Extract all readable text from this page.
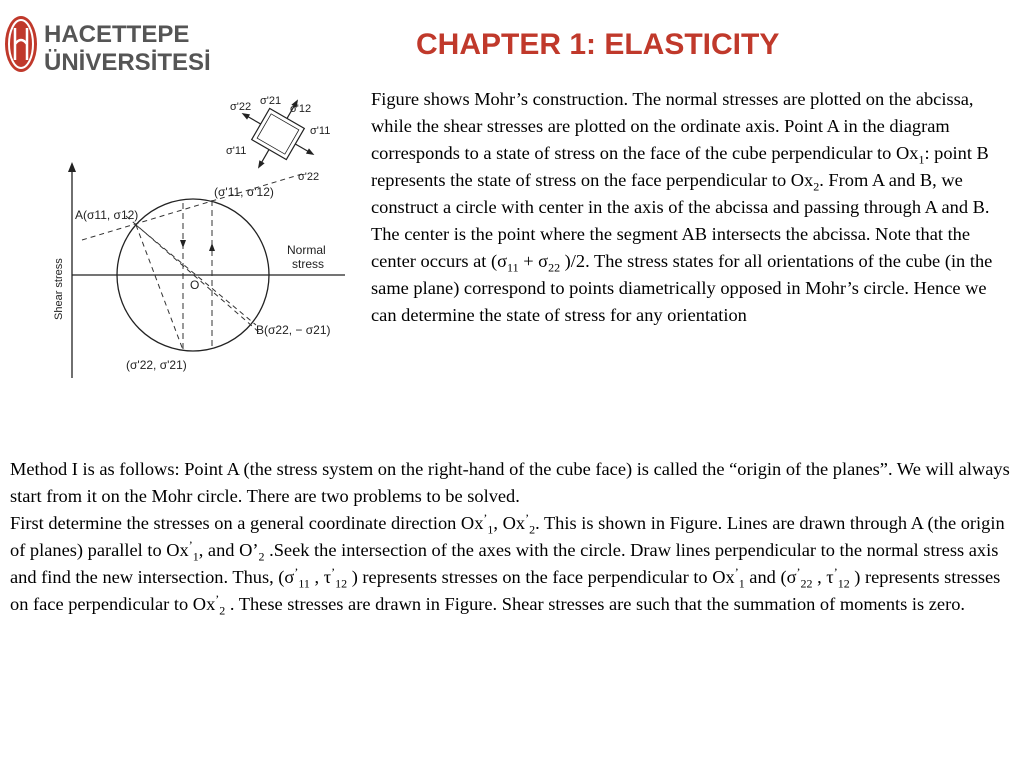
HACETTEPE
ÜNİVERSİTESİ
CHAPTER 1: ELASTICITY
Shear stress
Normal
stress
O
A(σ11, σ12)
B(σ22, − σ21)
(σ'11, σ'12)
(σ'22, σ'21)
σ'22 σ'21
σ'12
σ'11
σ'11
σ'22

Figure shows Mohr’s construction. The normal stresses are plotted on the abcissa, while the shear stresses are plotted on the ordinate axis. Point A in the diagram corresponds to a state of stress on the face of the cube perpendicular to $Ox_1$: point B represents the state of stress on the face perpendicular to $Ox_2$. From A and B, we construct a circle with center in the axis of the abcissa and passing through A and B. The center is the point where the segment AB intersects the abcissa. Note that the center occurs at ($\sigma_{11} + \sigma_{22}$ )/2. The stress states for all orientations of the cube (in the same plane) correspond to points diametrically opposed in Mohr’s circle. Hence we can determine the state of stress for any orientation

Method I is as follows: Point A (the stress system on the right-hand of the cube face) is called the “origin of the planes”. We will always start from it on the Mohr circle. There are two problems to be solved.

First determine the stresses on a general coordinate direction $Ox^’_1$, $Ox^’_2$. This is shown in Figure. Lines are drawn through A (the origin of planes) parallel to $Ox^’_1$, and $O’_2$ .Seek the intersection of the axes with the circle. Draw lines perpendicular to the normal stress axis and find the new intersection. Thus, ($\sigma^’_{11}$ , $\tau^’_{12}$ ) represents stresses on the face perpendicular to $Ox^’_1$ and ($\sigma^’_{22}$ , $\tau^’_{12}$ ) represents stresses on face perpendicular to $Ox^’_2$ . These stresses are drawn in Figure. Shear stresses are such that the summation of moments is zero.
